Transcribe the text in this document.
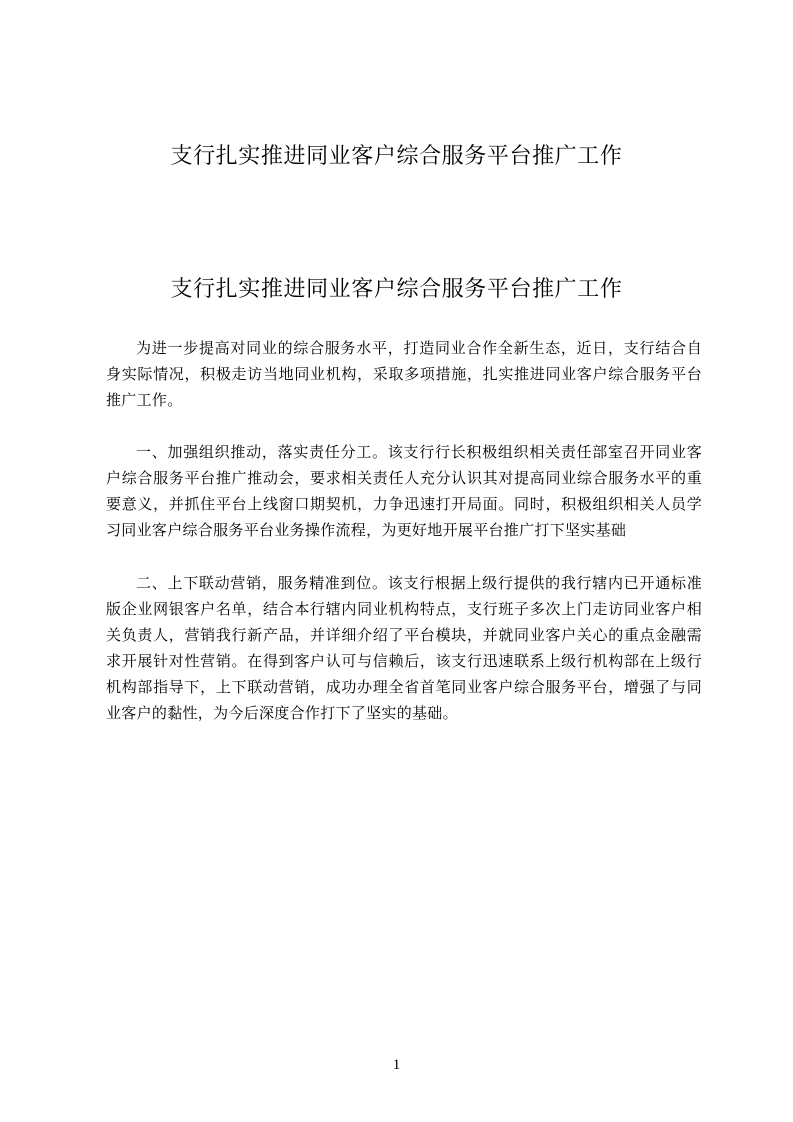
支行扎实推进同业客户综合服务平台推广工作
支行扎实推进同业客户综合服务平台推广工作

为进一步提高对同业的综合服务水平，打造同业合作全新生态，近日，支行结合自身实际情况，积极走访当地同业机构，采取多项措施，扎实推进同业客户综合服务平台推广工作。

一、加强组织推动，落实责任分工。该支行行长积极组织相关责任部室召开同业客户综合服务平台推广推动会，要求相关责任人充分认识其对提高同业综合服务水平的重要意义，并抓住平台上线窗口期契机，力争迅速打开局面。同时，积极组织相关人员学习同业客户综合服务平台业务操作流程，为更好地开展平台推广打下坚实基础

二、上下联动营销，服务精准到位。该支行根据上级行提供的我行辖内已开通标准版企业网银客户名单，结合本行辖内同业机构特点，支行班子多次上门走访同业客户相关负责人，营销我行新产品，并详细介绍了平台模块，并就同业客户关心的重点金融需求开展针对性营销。在得到客户认可与信赖后，该支行迅速联系上级行机构部在上级行机构部指导下，上下联动营销，成功办理全省首笔同业客户综合服务平台，增强了与同业客户的黏性，为今后深度合作打下了坚实的基础。

1
